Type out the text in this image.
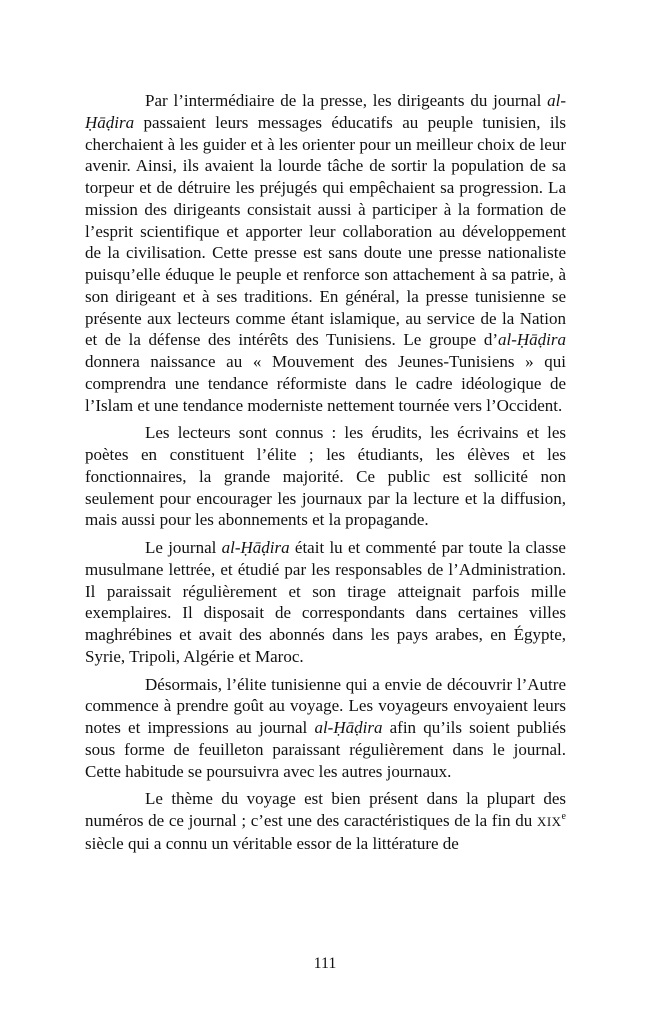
Par l’intermédiaire de la presse, les dirigeants du journal al-Ḥāḍira passaient leurs messages éducatifs au peuple tunisien, ils cherchaient à les guider et à les orienter pour un meilleur choix de leur avenir. Ainsi, ils avaient la lourde tâche de sortir la population de sa torpeur et de détruire les préjugés qui empêchaient sa progression. La mission des dirigeants consistait aussi à participer à la formation de l’esprit scientifique et apporter leur collaboration au développement de la civilisation. Cette presse est sans doute une presse nationaliste puisqu’elle éduque le peuple et renforce son attachement à sa patrie, à son dirigeant et à ses traditions. En général, la presse tunisienne se présente aux lecteurs comme étant islamique, au service de la Nation et de la défense des intérêts des Tunisiens. Le groupe d’al-Ḥāḍira donnera naissance au « Mouvement des Jeunes-Tunisiens » qui comprendra une tendance réformiste dans le cadre idéologique de l’Islam et une tendance moderniste nettement tournée vers l’Occident.

Les lecteurs sont connus : les érudits, les écrivains et les poètes en constituent l’élite ; les étudiants, les élèves et les fonctionnaires, la grande majorité. Ce public est sollicité non seulement pour encourager les journaux par la lecture et la diffusion, mais aussi pour les abonnements et la propagande.

Le journal al-Ḥāḍira était lu et commenté par toute la classe musulmane lettrée, et étudié par les responsables de l’Administration. Il paraissait régulièrement et son tirage atteignait parfois mille exemplaires. Il disposait de correspondants dans certaines villes maghrébines et avait des abonnés dans les pays arabes, en Égypte, Syrie, Tripoli, Algérie et Maroc.

Désormais, l’élite tunisienne qui a envie de découvrir l’Autre commence à prendre goût au voyage. Les voyageurs envoyaient leurs notes et impressions au journal al-Ḥāḍira afin qu’ils soient publiés sous forme de feuilleton paraissant régulièrement dans le journal. Cette habitude se poursuivra avec les autres journaux.

Le thème du voyage est bien présent dans la plupart des numéros de ce journal ; c’est une des caractéristiques de la fin du XIXe siècle qui a connu un véritable essor de la littérature de

111
